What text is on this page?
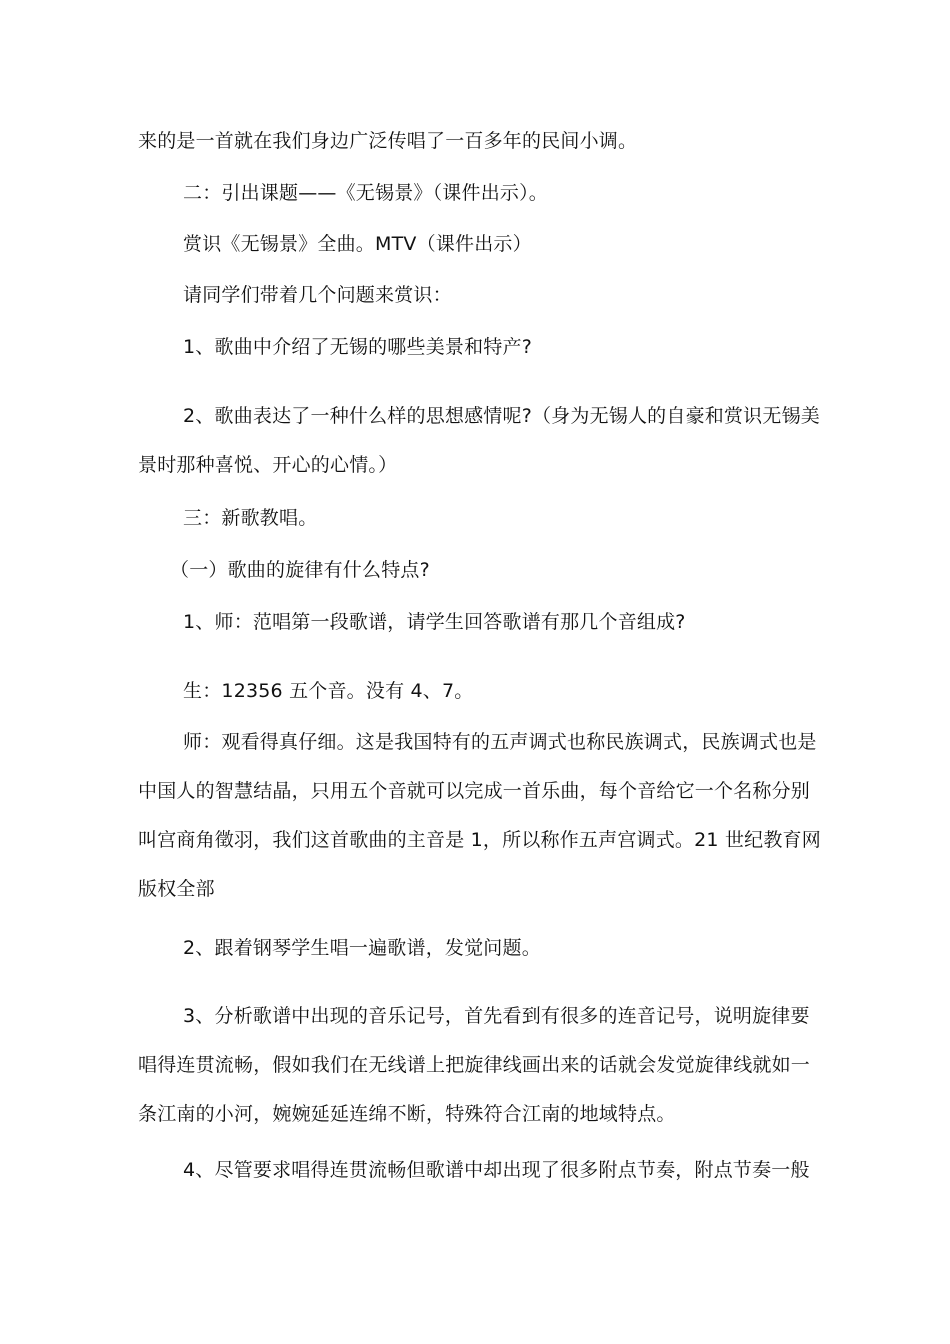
来的是一首就在我们身边广泛传唱了一百多年的民间小调。

二：引出课题——《无锡景》（课件出示）。

赏识《无锡景》全曲。MTV（课件出示）

请同学们带着几个问题来赏识：

1、歌曲中介绍了无锡的哪些美景和特产?

2、歌曲表达了一种什么样的思想感情呢?（身为无锡人的自豪和赏识无锡美
景时那种喜悦、开心的心情。）

三：新歌教唱。

（一）歌曲的旋律有什么特点?

1、师：范唱第一段歌谱，请学生回答歌谱有那几个音组成?

生：12356 五个音。没有 4、7。

师：观看得真仔细。这是我国特有的五声调式也称民族调式，民族调式也是
中国人的智慧结晶，只用五个音就可以完成一首乐曲，每个音给它一个名称分别
叫宫商角徵羽，我们这首歌曲的主音是 1，所以称作五声宫调式。21 世纪教育网
版权全部

2、跟着钢琴学生唱一遍歌谱，发觉问题。

3、分析歌谱中出现的音乐记号，首先看到有很多的连音记号，说明旋律要
唱得连贯流畅，假如我们在无线谱上把旋律线画出来的话就会发觉旋律线就如一
条江南的小河，婉婉延延连绵不断，特殊符合江南的地域特点。

4、尽管要求唱得连贯流畅但歌谱中却出现了很多附点节奏，附点节奏一般
